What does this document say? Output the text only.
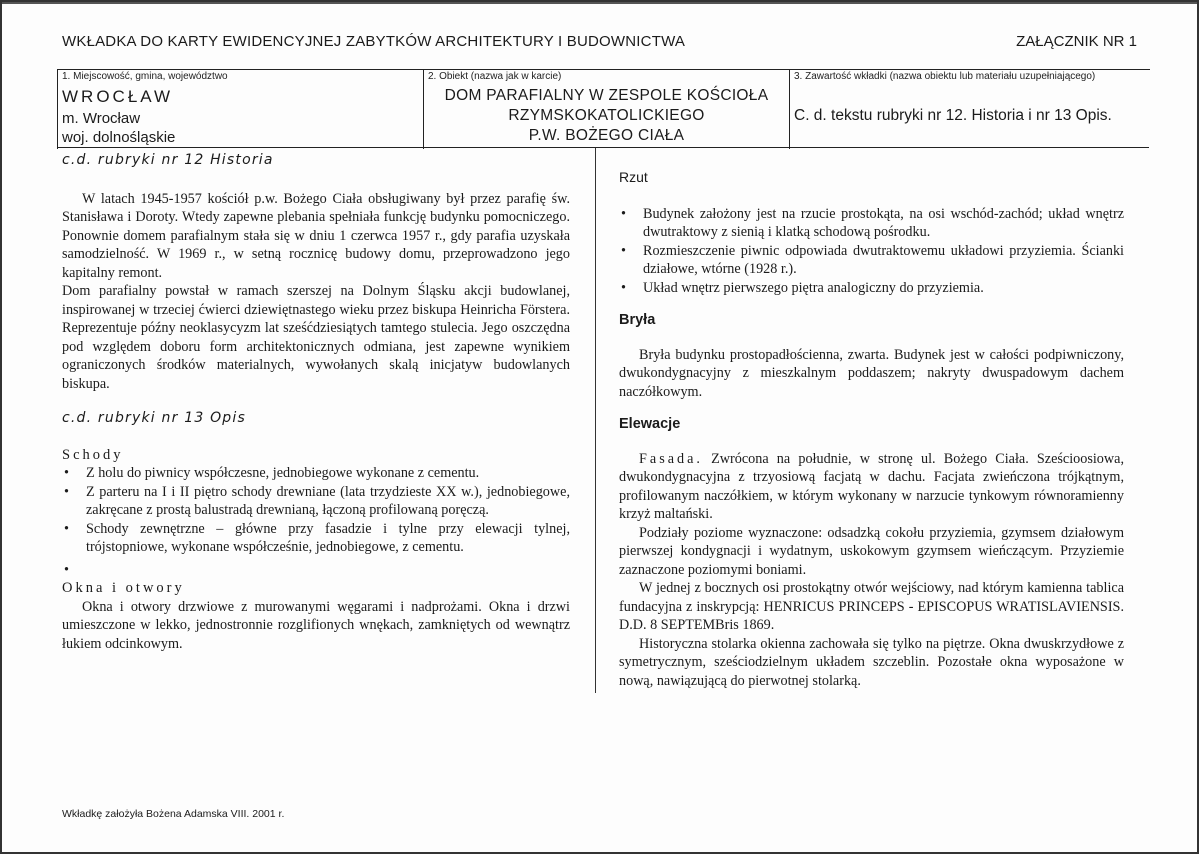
WKŁADKA DO KARTY EWIDENCYJNEJ ZABYTKÓW ARCHITEKTURY I BUDOWNICTWA	ZAŁĄCZNIK NR 1
1. Miejscowość, gmina, województwo
WROCŁAW
m. Wrocław
woj. dolnośląskie
2. Obiekt (nazwa jak w karcie)
DOM PARAFIALNY W ZESPOLE KOŚCIOŁA
RZYMSKOKATOLICKIEGO
P.W. BOŻEGO CIAŁA
3. Zawartość wkładki (nazwa obiektu lub materiału uzupełniającego)
C. d. tekstu rubryki nr 12. Historia i nr 13 Opis.

c.d. rubryki nr 12 Historia

W latach 1945-1957 kościół p.w. Bożego Ciała obsługiwany był przez parafię św. Stanisława i Doroty. Wtedy zapewne plebania spełniała funkcję budynku pomocniczego. Ponownie domem parafialnym stała się w dniu 1 czerwca 1957 r., gdy parafia uzyskała samodzielność. W 1969 r., w setną rocznicę budowy domu, przeprowadzono jego kapitalny remont.

Dom parafialny powstał w ramach szerszej na Dolnym Śląsku akcji budowlanej, inspirowanej w trzeciej ćwierci dziewiętnastego wieku przez biskupa Heinricha Förstera. Reprezentuje późny neoklasycyzm lat sześćdziesiątych tamtego stulecia. Jego oszczędna pod względem doboru form architektonicznych odmiana, jest zapewne wynikiem ograniczonych środków materialnych, wywołanych skalą inicjatyw budowlanych biskupa.

c.d. rubryki nr 13 Opis

Schody

• Z holu do piwnicy współczesne, jednobiegowe wykonane z cementu.
• Z parteru na I i II piętro schody drewniane (lata trzydzieste XX w.), jednobiegowe, zakręcane z prostą balustradą drewnianą, łączoną profilowaną poręczą.
• Schody zewnętrzne – główne przy fasadzie i tylne przy elewacji tylnej, trójstopniowe, wykonane współcześnie, jednobiegowe, z cementu.
•

Okna i otwory

Okna i otwory drzwiowe z murowanymi węgarami i nadprożami. Okna i drzwi umieszczone w lekko, jednostronnie rozglifionych wnękach, zamkniętych od wewnątrz łukiem odcinkowym.

Rzut

• Budynek założony jest na rzucie prostokąta, na osi wschód-zachód; układ wnętrz dwutraktowy z sienią i klatką schodową pośrodku.
• Rozmieszczenie piwnic odpowiada dwutraktowemu układowi przyziemia. Ścianki działowe, wtórne (1928 r.).
• Układ wnętrz pierwszego piętra analogiczny do przyziemia.

Bryła

Bryła budynku prostopadłościenna, zwarta. Budynek jest w całości podpiwniczony, dwukondygnacyjny z mieszkalnym poddaszem; nakryty dwuspadowym dachem naczółkowym.

Elewacje

Fasada. Zwrócona na południe, w stronę ul. Bożego Ciała. Sześcioosiowa, dwukondygnacyjna z trzyosiową facjatą w dachu. Facjata zwieńczona trójkątnym, profilowanym naczółkiem, w którym wykonany w narzucie tynkowym równoramienny krzyż maltański.

Podziały poziome wyznaczone: odsadzką cokołu przyziemia, gzymsem działowym pierwszej kondygnacji i wydatnym, uskokowym gzymsem wieńczącym. Przyziemie zaznaczone poziomymi boniami.

W jednej z bocznych osi prostokątny otwór wejściowy, nad którym kamienna tablica fundacyjna z inskrypcją: HENRICUS PRINCEPS - EPISCOPUS WRATISLAVIENSIS. D.D. 8 SEPTEMBris 1869.

Historyczna stolarka okienna zachowała się tylko na piętrze. Okna dwuskrzydłowe z symetrycznym, sześciodzielnym układem szczeblin. Pozostałe okna wyposażone w nową, nawiązującą do pierwotnej stolarką.

Wkładkę założyła Bożena Adamska VIII. 2001 r.
